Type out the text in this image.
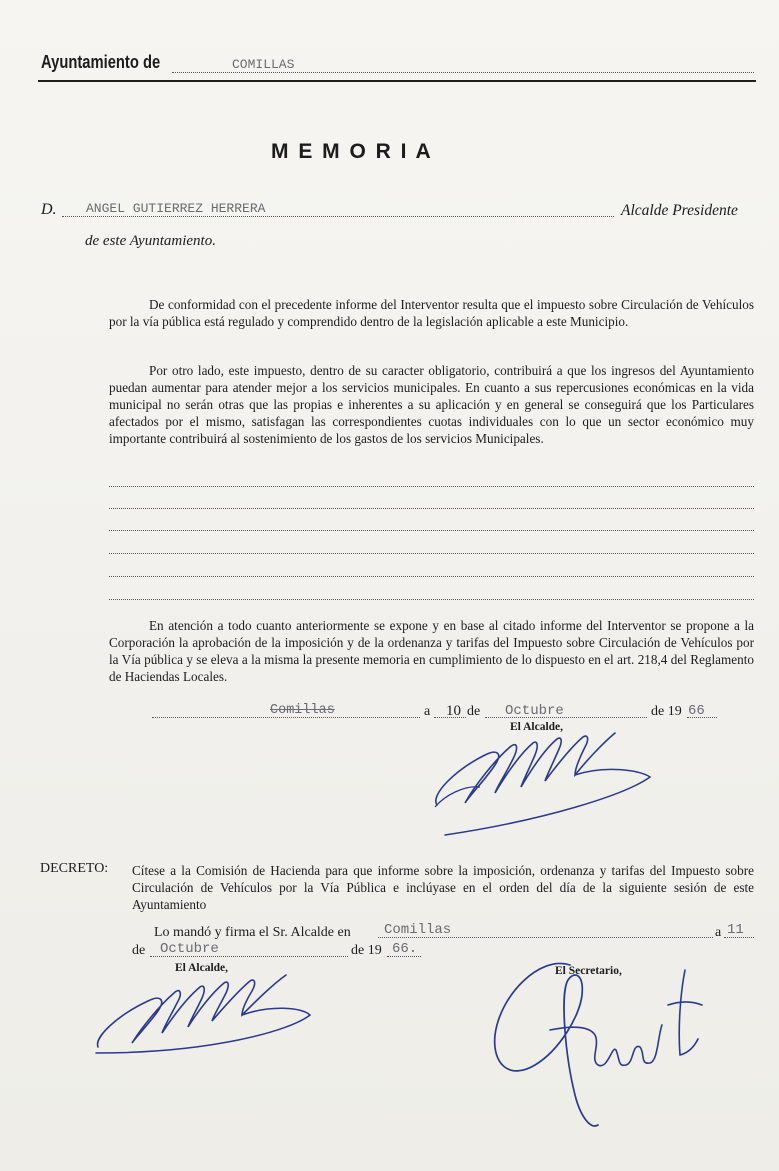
Ayuntamiento de	COMILLAS
M E M O R I A
D. ANGEL GUTIERREZ HERRERA	Alcalde Presidente
de este Ayuntamiento.
De conformidad con el precedente informe del Interventor resulta que el impuesto sobre Circulación de Vehículos por la vía pública está regulado y comprendido dentro de la legislación aplicable a este Municipio.
Por otro lado, este impuesto, dentro de su caracter obligatorio, contribuirá a que los ingresos del Ayuntamiento puedan aumentar para atender mejor a los servicios municipales. En cuanto a sus repercusiones económicas en la vida municipal no serán otras que las propias e inherentes a su aplicación y en general se conseguirá que los Particulares afectados por el mismo, satisfagan las correspondientes cuotas individuales con lo que un sector económico muy importante contribuirá al sostenimiento de los gastos de los servicios Municipales.
En atención a todo cuanto anteriormente se expone y en base al citado informe del Interventor se propone a la Corporación la aprobación de la imposición y de la ordenanza y tarifas del Impuesto sobre Circulación de Vehículos por la Vía pública y se eleva a la misma la presente memoria en cumplimiento de lo dispuesto en el art. 218,4 del Reglamento de Haciendas Locales.
Comillas	a 10 de Octubre	de 19 66
El Alcalde,
DECRETO: Cítese a la Comisión de Hacienda para que informe sobre la imposición, ordenanza y tarifas del Impuesto sobre Circulación de Vehículos por la Vía Pública e inclúyase en el orden del día de la siguiente sesión de este Ayuntamiento
Lo mandó y firma el Sr. Alcalde en Comillas	a 11
de Octubre	de 19 66.
El Alcalde,	El Secretario,
